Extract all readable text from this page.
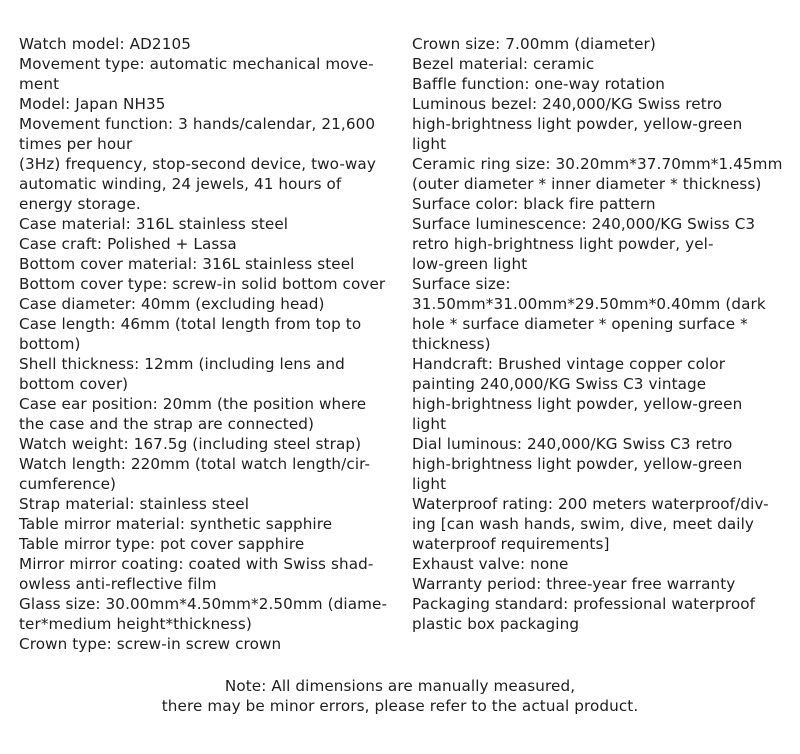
Watch model: AD2105
Movement type: automatic mechanical move-
ment
Model: Japan NH35
Movement function: 3 hands/calendar, 21,600
times per hour
(3Hz) frequency, stop-second device, two-way
automatic winding, 24 jewels, 41 hours of
energy storage.
Case material: 316L stainless steel
Case craft: Polished + Lassa
Bottom cover material: 316L stainless steel
Bottom cover type: screw-in solid bottom cover
Case diameter: 40mm (excluding head)
Case length: 46mm (total length from top to
bottom)
Shell thickness: 12mm (including lens and
bottom cover)
Case ear position: 20mm (the position where
the case and the strap are connected)
Watch weight: 167.5g (including steel strap)
Watch length: 220mm (total watch length/cir-
cumference)
Strap material: stainless steel
Table mirror material: synthetic sapphire
Table mirror type: pot cover sapphire
Mirror mirror coating: coated with Swiss shad-
owless anti-reflective film
Glass size: 30.00mm*4.50mm*2.50mm (diame-
ter*medium height*thickness)
Crown type: screw-in screw crown
Crown size: 7.00mm (diameter)
Bezel material: ceramic
Baffle function: one-way rotation
Luminous bezel: 240,000/KG Swiss retro
high-brightness light powder, yellow-green
light
Ceramic ring size: 30.20mm*37.70mm*1.45mm
(outer diameter * inner diameter * thickness)
Surface color: black fire pattern
Surface luminescence: 240,000/KG Swiss C3
retro high-brightness light powder, yel-
low-green light
Surface size:
31.50mm*31.00mm*29.50mm*0.40mm (dark
hole * surface diameter * opening surface *
thickness)
Handcraft: Brushed vintage copper color
painting 240,000/KG Swiss C3 vintage
high-brightness light powder, yellow-green
light
Dial luminous: 240,000/KG Swiss C3 retro
high-brightness light powder, yellow-green
light
Waterproof rating: 200 meters waterproof/div-
ing [can wash hands, swim, dive, meet daily
waterproof requirements]
Exhaust valve: none
Warranty period: three-year free warranty
Packaging standard: professional waterproof
plastic box packaging
Note: All dimensions are manually measured,
there may be minor errors, please refer to the actual product.
